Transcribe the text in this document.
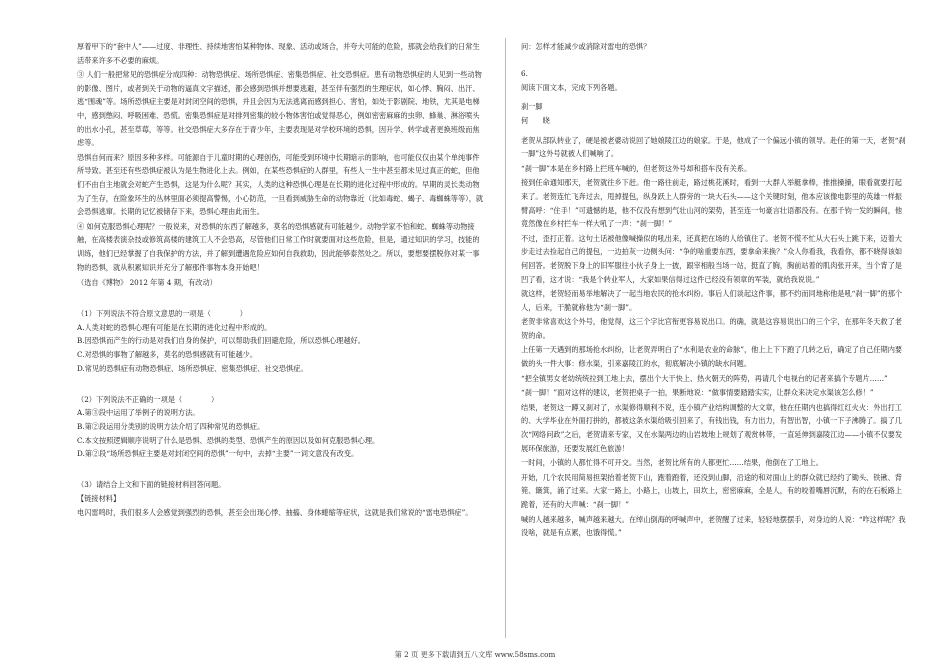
厚着甲下的“套中人”——过度、非理性、持续地害怕某种物体、现象、活动或场合，并夸大可能的危险，那就会给我们的日常生活带来许多不必要的麻烦。

③ 人们一般把常见的恐惧症分成四种：动物恐惧症、场所恐惧症、密集恐惧症、社交恐惧症。患有动物恐惧症的人见到一些动物的影像、图片，或者到关于动物的逼真文字描述，都会感到恐惧并想要逃避，甚至伴有强烈的生理症状，如心悸、胸闷、出汗、逃“围魂”等。场所恐惧症主要是对封闭空间的恐惧，并且会因为无法逃离而感到担心、害怕，如处于影剧院、地铁，尤其是电梯中，感到憋闷、呼吸困难、恐慌。密集恐惧症是对排列密集的较小物体害怕或觉得恶心，例如密密麻麻的虫卵、蜂巢、淋浴喷头的出水小孔，甚至草莓，等等。社交恐惧症大多存在于青少年，主要表现是对学校环境的恐惧，因升学、转学或者更换班级而焦虑等。

恐惧自何而来？原因多种多样。可能源自于儿童时期的心理创伤，可能受到环境中长期暗示的影响，也可能仅仅由某个单纯事件所导致。甚至还有些恐惧症被认为是生物进化上去。例如，在某些恐惧症的人群里，有些人一生中甚至都未见过真正的蛇，但他们不由自主地就会对蛇产生恐惧，这是为什么呢？其实，人类的这种恐惧心理是在长期的进化过程中形成的。早期的灵长类动物为了生存，在险象环生的丛林里面必须提高警惕，小心防范，一旦看到威胁生命的动物靠近（比如毒蛇、蝎子、毒蜘蛛等等），就会恐惧逃窜。长期的记忆被储存下来，恐惧心理由此而生。

④ 如何克服恐惧心理呢？一般说来，对恐惧的东西了解越多，莫名的恐惧感就有可能越少。动物学家不怕和蛇、蜘蛛等动物接触，在高楼表演杂技或修筑高楼的建筑工人不会恐高，尽管他们日常工作时就要面对这些危险，但是，通过知识的学习，技能的训练，他们已经掌握了自我保护的方法，并了解到遭遇危险应如何自我救助，因此能够泰然处之。所以，要想要摆脱你对某一事物的恐惧，就从积累知识并充分了解那件事物本身开始吧！

（选自《博物》 2012 年第 4 期，有改动）

（1）下列说法不符合原文意思的一项是（　　　　）

A.人类对蛇的恐惧心理有可能是在长期的进化过程中形成的。

B.因恐惧而产生的行动是对我们自身的保护，可以帮助我们回避危险，所以恐惧心理越好。

C.对恐惧的事物了解越多，莫名的恐惧感就有可能越少。

D.常见的恐惧症有动物恐惧症、场所恐惧症、密集恐惧症、社交恐惧症。

（2）下列说法不正确的一项是（　　　　）

A.第③段中运用了举例子的说明方法。

B.第②段运用分类别的说明方法介绍了四种常见的恐惧症。

C.本文按照逻辑顺序说明了什么是恐惧、恐惧的类型、恐惧产生的原因以及如何克服恐惧心理。

D.第②段“场所恐惧症主要是对封闭空间的恐惧”一句中，去掉“主要”一词文意没有改变。

（3）请结合上文和下面的链接材料回答问题。

【链接材料】

电闪雷鸣时，我们很多人会感觉到强烈的恐惧，甚至会出现心悸、抽搐、身体蜷缩等症状，这就是我们常说的“雷电恐惧症”。

问：怎样才能减少或消除对雷电的恐惧？

6.

阅读下面文本，完成下列各题。

刹一脚

何　　晓

老贺从部队转业了，硬是被老婆动说回了她娘陵江边的娘家。于是，他成了一个偏远小镇的领导。赴任的第一天，老贺“刹一脚”这外号就被人们喊响了。

“刹一脚”本是在乡村路上拦班车喊的，但老贺这外号却和搭车没有关系。

接到任命通知那天，老贺就往乡下赶。他一路往前走，路过桃花溪时，看到一大群人举艇拿棒，推推搡搡，眼看就要打起来了。老贺连忙飞奔过去，甩掉提包，纵身跃上人群旁的一块大石头——这个关键时刻，他本应该像电影里的英雄一样振臂高呼：“住手！”可遗憾的是，他不仅没有想到气壮山河的架势，甚至连一句豪言壮语都没有。在那千钧一发的瞬间，他竟然像在乡村拦车一样大吼了一声：“刹一脚！”

不过，歪打正着。这句土话被他像喊操似的吼出来，还真把在场的人给镇住了。老贺不慌不忙从大石头上跳下来，迈着大步走过去捡起自己的提包，一边拍灰一边侧头问：“争的啥重要东西，要拿命来换？”众人你看我，我看你，都不晓得该如何回答。老贺脱下身上的旧军服往小伙子身上一披，跟宰相般当场一站，挺直了胸，胸前站着的肌肉张开来，当个背了是凹了看，这才说：“我是个转业军人，大家如果信得过这件已经没有领章的军装，就给我说说。”

就这样，老贺轻而易举地解决了一起当地农民的抢水纠纷。事后人们谈起这件事，都不约而同地称他是吼“刹一脚”的那个人，后来，干脆就称他为“刹一脚”。

老贺非常喜欢这个外号，他觉得，这三个字比官衔更容易说出口。的确，就是这容易说出口的三个字，在那年冬天救了老贺的命。

上任第一天遇到的那场抢水纠纷，让老贺弄明白了“水利是农业的命脉”，他上上下下跑了几转之后，确定了自己任期内要做的头一件大事：修水渠，引来嘉陵江的水，彻底解决小镇的缺水问题。

“把全镇男女老幼统统拉到工地上去，摆出个大干快上、热火朝天的阵势，再请几个电视台的记者来搞个专题片……”

“刹一脚！”面对这样的建议，老贺把桌子一拍，果断地说：“做事情要踏踏实实，让群众来决定水渠该怎么修！”

结果，老贺这一蹲又刹对了，水渠修得顺利不说，连小镇产业结构调整的大文章，他在任期内也搞得红红火火：外出打工的、大学毕业在外面打拼的，都被这条水渠给吸引回来了，有钱出钱，有力出力，有智出智，小镇一下子沸腾了。搞了几次“网络问政”之后，老贺请来专家，又在水渠两边的山岩坡地上规划了观赏林带，一直延伸到嘉陵江边——小镇不仅要发展环保旅游，还要发展红色旅游！

一时间，小镇的人都忙得不可开交。当然，老贺比所有的人都更忙……结果，他倒在了工地上。

开始，几个农民用简易担架抬着老贺下山，跑着跑着，还没到山脚，沿途的和对面山上的群众就已经约了锄头、铁锹、背篼、簸箕，涌了过来。大家一路上，小路上，山坡上，田坎上，密密麻麻，全是人，有的咬着嘴唇沉默，有的在石板路上跪着，还有的大声喊：“刹一脚！”

喊的人越来越多，喊声越来越大。在绰山倒海的呼喊声中，老贺醒了过来，轻轻地摆摆手，对身边的人说：“咋这样呢？我没啥，就是有点累，也饿得慌。”

第 2 页 更多下载请到五八文库 www.58sms.com
